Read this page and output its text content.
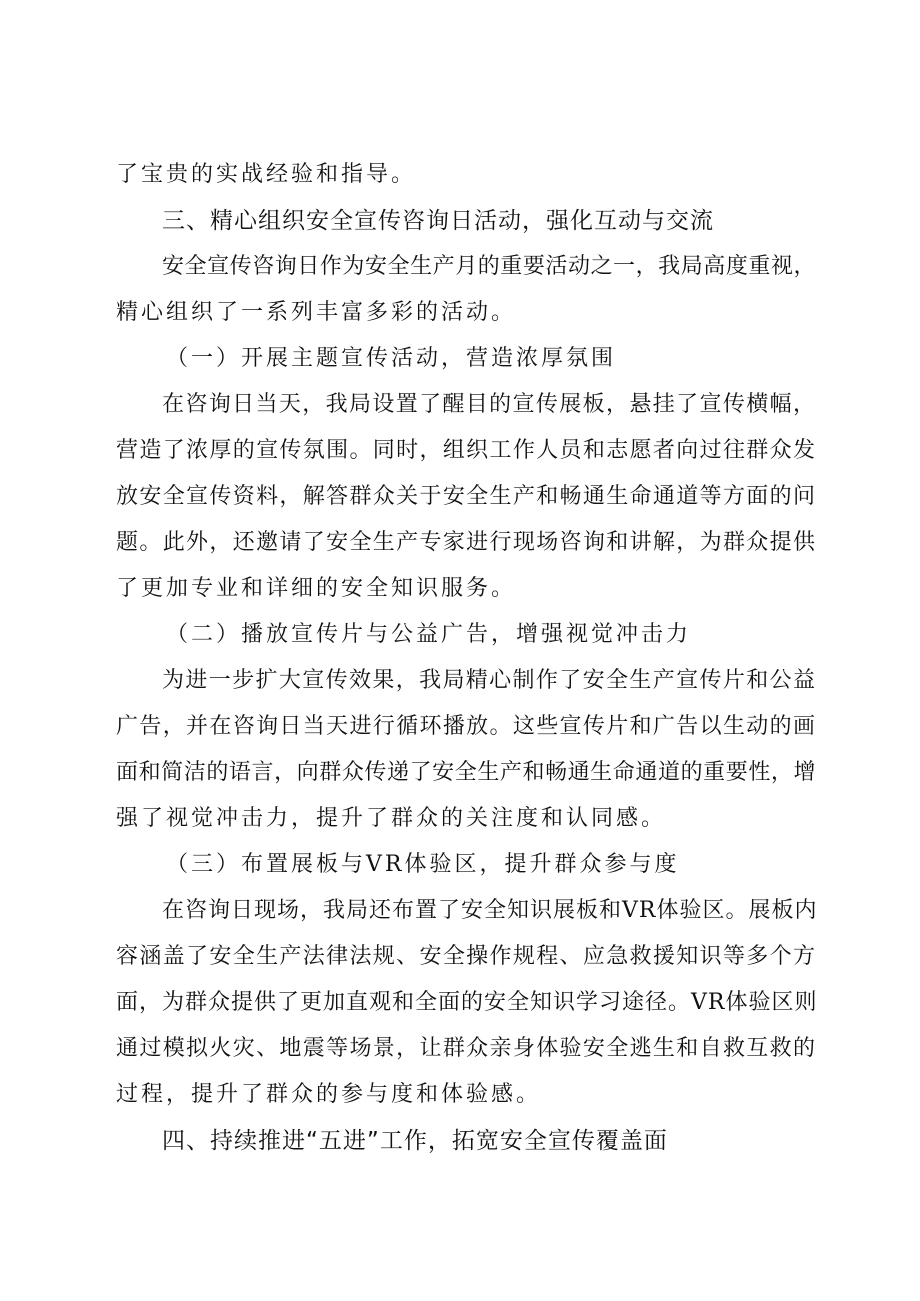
了宝贵的实战经验和指导。
三、精心组织安全宣传咨询日活动，强化互动与交流
安全宣传咨询日作为安全生产月的重要活动之一，我局高度重视，
精心组织了一系列丰富多彩的活动。
（一）开展主题宣传活动，营造浓厚氛围
在咨询日当天，我局设置了醒目的宣传展板，悬挂了宣传横幅，
营造了浓厚的宣传氛围。同时，组织工作人员和志愿者向过往群众发
放安全宣传资料，解答群众关于安全生产和畅通生命通道等方面的问
题。此外，还邀请了安全生产专家进行现场咨询和讲解，为群众提供
了更加专业和详细的安全知识服务。
（二）播放宣传片与公益广告，增强视觉冲击力
为进一步扩大宣传效果，我局精心制作了安全生产宣传片和公益
广告，并在咨询日当天进行循环播放。这些宣传片和广告以生动的画
面和简洁的语言，向群众传递了安全生产和畅通生命通道的重要性，增
强了视觉冲击力，提升了群众的关注度和认同感。
（三）布置展板与VR体验区，提升群众参与度
在咨询日现场，我局还布置了安全知识展板和VR体验区。展板内
容涵盖了安全生产法律法规、安全操作规程、应急救援知识等多个方
面，为群众提供了更加直观和全面的安全知识学习途径。VR体验区则
通过模拟火灾、地震等场景，让群众亲身体验安全逃生和自救互救的
过程，提升了群众的参与度和体验感。
四、持续推进“五进”工作，拓宽安全宣传覆盖面
